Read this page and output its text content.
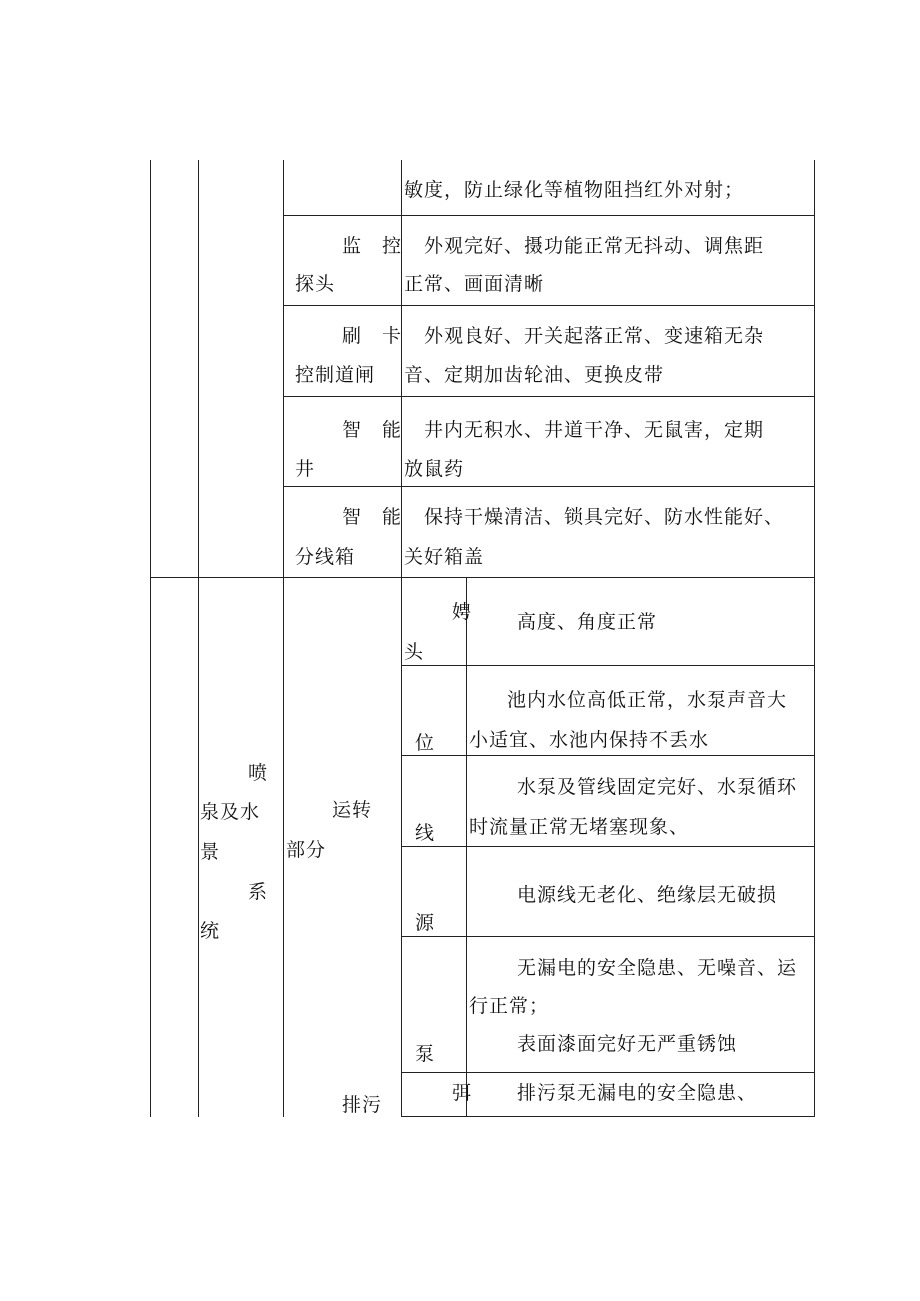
敏度，防止绿化等植物阻挡红外对射；
监　控
探头
　外观完好、摄功能正常无抖动、调焦距
正常、画面清晰
刷　卡
控制道闸
　外观良好、开关起落正常、变速箱无杂
音、定期加齿轮油、更换皮带
智　能
井
　井内无积水、井道干净、无鼠害，定期
放鼠药
智　能
分线箱
　保持干燥清洁、锁具完好、防水性能好、
关好箱盖
喷
泉及水
景
系
统
运转
部分
排污
娉
头
位
线
源
泵
弭
高度、角度正常
池内水位高低正常，水泵声音大
小适宜、水池内保持不丢水
水泵及管线固定完好、水泵循环
时流量正常无堵塞现象、
电源线无老化、绝缘层无破损
无漏电的安全隐患、无噪音、运
行正常；
表面漆面完好无严重锈蚀
排污泵无漏电的安全隐患、
